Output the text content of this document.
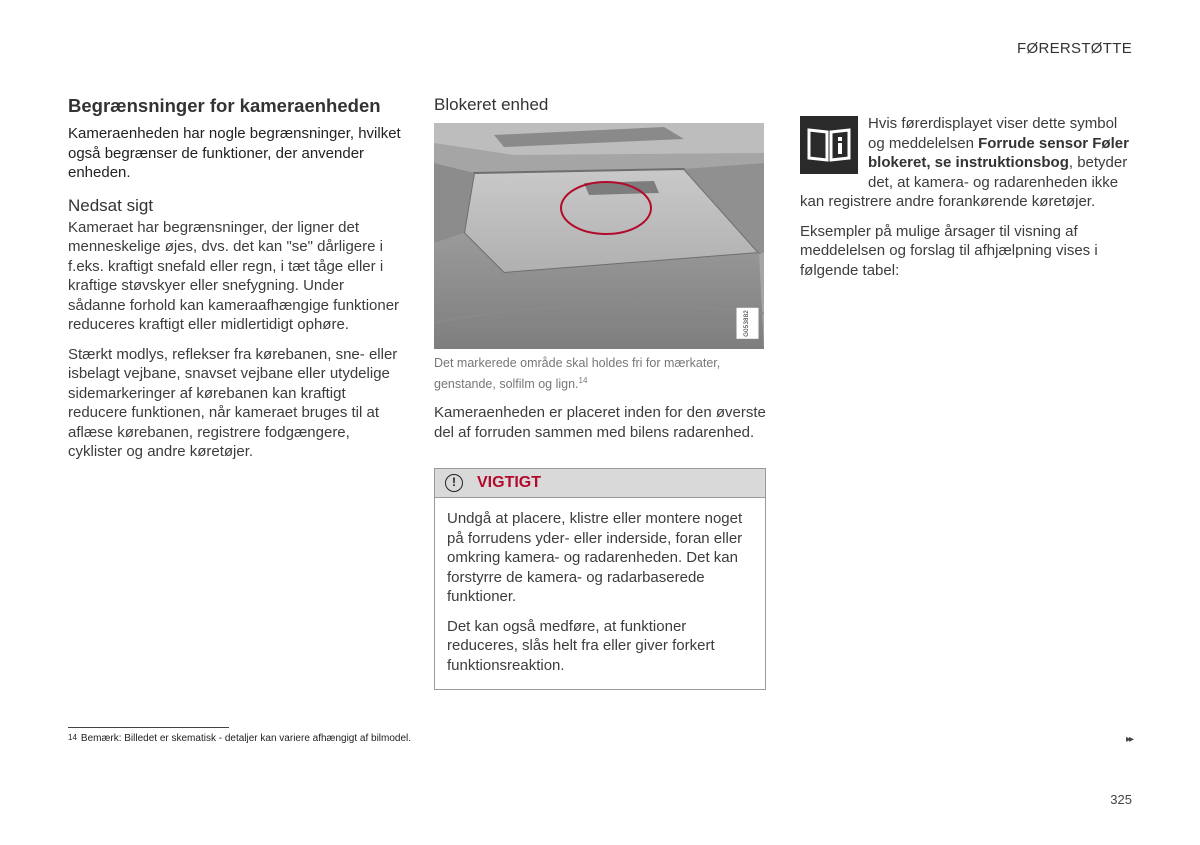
FØRERSTØTTE
Begrænsninger for kameraenheden

Kameraenheden har nogle begrænsninger, hvilket også begrænser de funktioner, der anvender enheden.

Nedsat sigt

Kameraet har begrænsninger, der ligner det menneskelige øjes, dvs. det kan "se" dårligere i f.eks. kraftigt snefald eller regn, i tæt tåge eller i kraftige støvskyer eller snefygning. Under sådanne forhold kan kameraafhængige funktioner reduceres kraftigt eller midlertidigt ophøre.

Stærkt modlys, reflekser fra kørebanen, sne- eller isbelagt vejbane, snavset vejbane eller utydelige sidemarkeringer af kørebanen kan kraftigt reducere funktionen, når kameraet bruges til at aflæse kørebanen, registrere fodgængere, cyklister og andre køretøjer.

Blokeret enhed
G053882
Det markerede område skal holdes fri for mærkater, genstande, solfilm og lign.$^{14}$

Kameraenheden er placeret inden for den øverste del af forruden sammen med bilens radarenhed.

!	VIGTIGT

Undgå at placere, klistre eller montere noget på forrudens yder- eller inderside, foran eller omkring kamera- og radarenheden. Det kan forstyrre de kamera- og radarbaserede funktioner.

Det kan også medføre, at funktioner reduceres, slås helt fra eller giver forkert funktionsreaktion.

Hvis førerdisplayet viser dette symbol og meddelelsen Forrude sensor Føler blokeret, se instruktionsbog, betyder det, at kamera- og radarenheden ikke kan registrere andre forankørende køretøjer.

Eksempler på mulige årsager til visning af meddelelsen og forslag til afhjælpning vises i følgende tabel:

$^{14}$ Bemærk: Billedet er skematisk - detaljer kan variere afhængigt af bilmodel.	▸▸
325
